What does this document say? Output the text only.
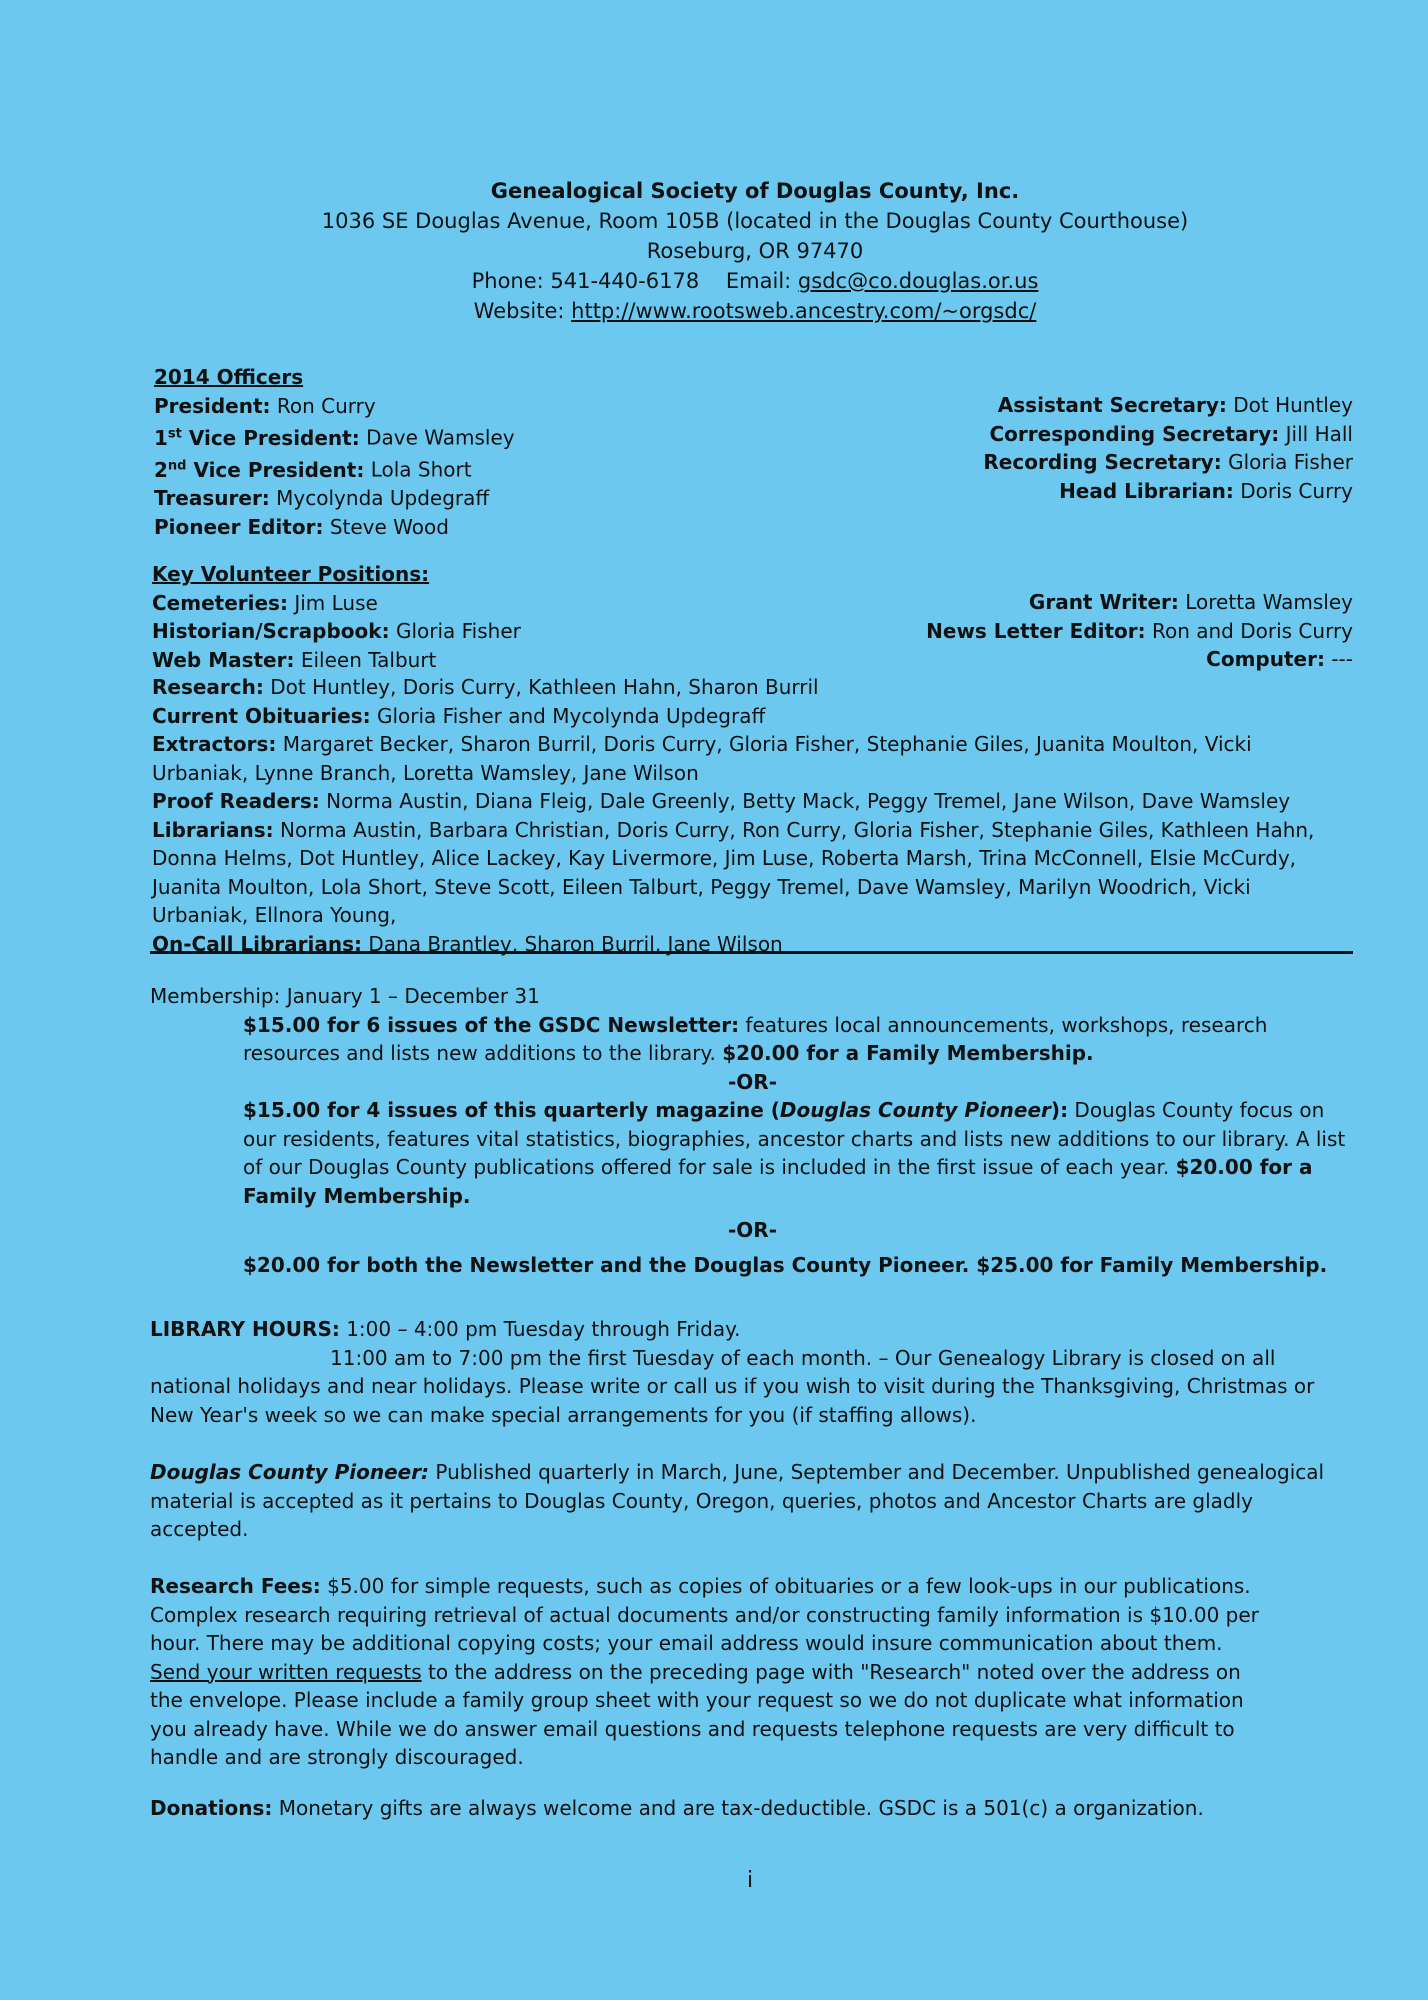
Genealogical Society of Douglas County, Inc.
1036 SE Douglas Avenue, Room 105B (located in the Douglas County Courthouse)
Roseburg, OR 97470
Phone: 541-440-6178 Email: gsdc@co.douglas.or.us
Website: http://www.rootsweb.ancestry.com/~orgsdc/
2014 Officers
President: Ron Curry
1st Vice President: Dave Wamsley
2nd Vice President: Lola Short
Treasurer: Mycolynda Updegraff
Pioneer Editor: Steve Wood
Assistant Secretary: Dot Huntley
Corresponding Secretary: Jill Hall
Recording Secretary: Gloria Fisher
Head Librarian: Doris Curry
Key Volunteer Positions:
Cemeteries: Jim Luse
Historian/Scrapbook: Gloria Fisher
Web Master: Eileen Talburt
Grant Writer: Loretta Wamsley
News Letter Editor: Ron and Doris Curry
Computer: ---
Research: Dot Huntley, Doris Curry, Kathleen Hahn, Sharon Burril
Current Obituaries: Gloria Fisher and Mycolynda Updegraff
Extractors: Margaret Becker, Sharon Burril, Doris Curry, Gloria Fisher, Stephanie Giles, Juanita Moulton, Vicki Urbaniak, Lynne Branch, Loretta Wamsley, Jane Wilson
Proof Readers: Norma Austin, Diana Fleig, Dale Greenly, Betty Mack, Peggy Tremel, Jane Wilson, Dave Wamsley
Librarians: Norma Austin, Barbara Christian, Doris Curry, Ron Curry, Gloria Fisher, Stephanie Giles, Kathleen Hahn, Donna Helms, Dot Huntley, Alice Lackey, Kay Livermore, Jim Luse, Roberta Marsh, Trina McConnell, Elsie McCurdy, Juanita Moulton, Lola Short, Steve Scott, Eileen Talburt, Peggy Tremel, Dave Wamsley, Marilyn Woodrich, Vicki Urbaniak, Ellnora Young,
On-Call Librarians: Dana Brantley, Sharon Burril, Jane Wilson
Membership: January 1 – December 31
$15.00 for 6 issues of the GSDC Newsletter: features local announcements, workshops, research resources and lists new additions to the library. $20.00 for a Family Membership.
-OR-
$15.00 for 4 issues of this quarterly magazine (Douglas County Pioneer): Douglas County focus on our residents, features vital statistics, biographies, ancestor charts and lists new additions to our library. A list of our Douglas County publications offered for sale is included in the first issue of each year. $20.00 for a Family Membership.
-OR-
$20.00 for both the Newsletter and the Douglas County Pioneer. $25.00 for Family Membership.
LIBRARY HOURS: 1:00 – 4:00 pm Tuesday through Friday.
11:00 am to 7:00 pm the first Tuesday of each month. – Our Genealogy Library is closed on all national holidays and near holidays. Please write or call us if you wish to visit during the Thanksgiving, Christmas or New Year's week so we can make special arrangements for you (if staffing allows).
Douglas County Pioneer: Published quarterly in March, June, September and December. Unpublished genealogical material is accepted as it pertains to Douglas County, Oregon, queries, photos and Ancestor Charts are gladly accepted.
Research Fees: $5.00 for simple requests, such as copies of obituaries or a few look-ups in our publications. Complex research requiring retrieval of actual documents and/or constructing family information is $10.00 per hour. There may be additional copying costs; your email address would insure communication about them. Send your written requests to the address on the preceding page with "Research" noted over the address on the envelope. Please include a family group sheet with your request so we do not duplicate what information you already have. While we do answer email questions and requests telephone requests are very difficult to handle and are strongly discouraged.
Donations: Monetary gifts are always welcome and are tax-deductible. GSDC is a 501(c) a organization.
i
